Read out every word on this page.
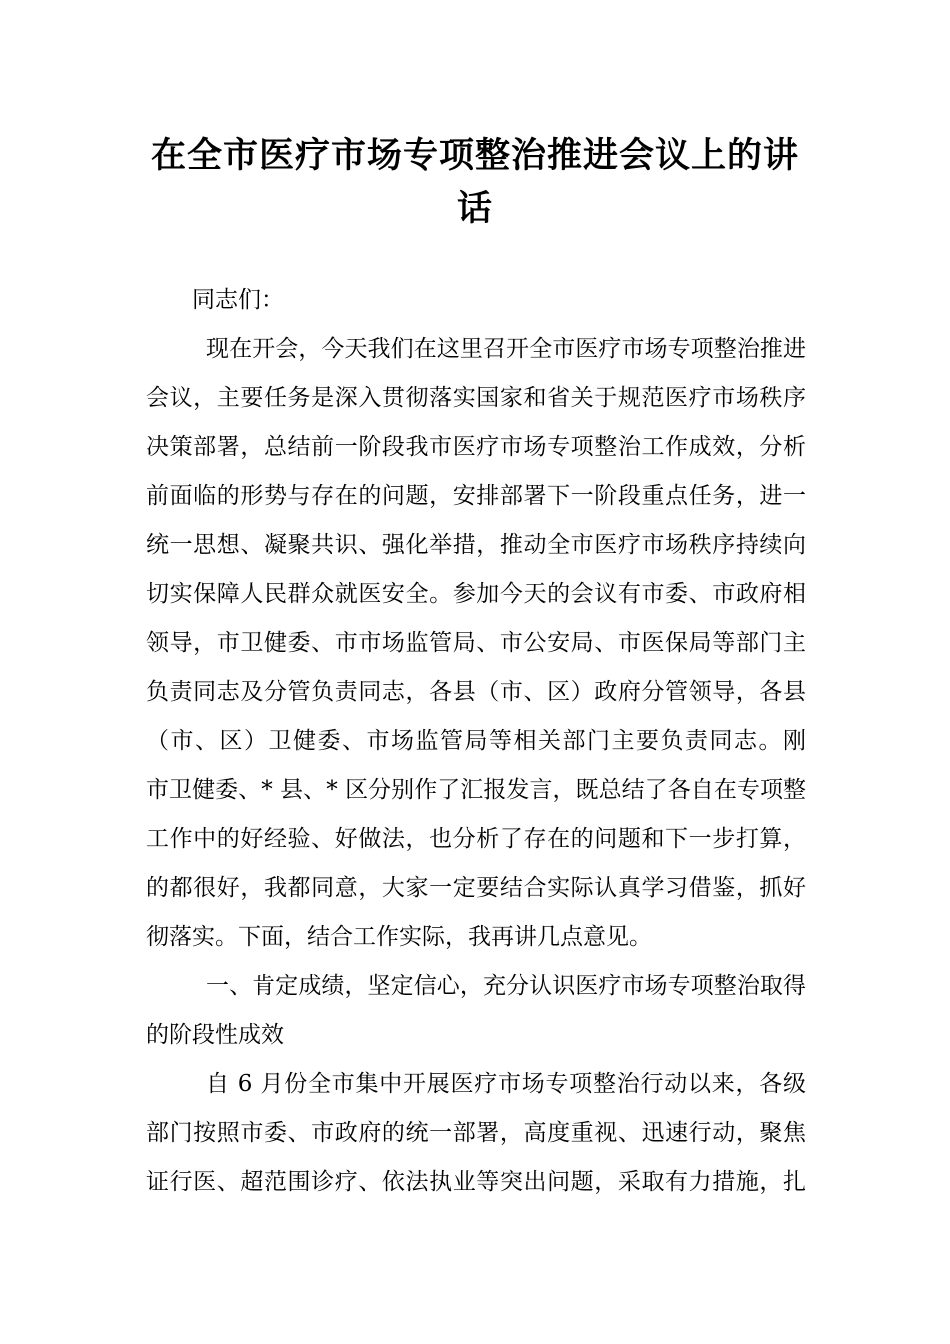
在全市医疗市场专项整治推进会议上的讲
话
同志们：
现在开会，今天我们在这里召开全市医疗市场专项整治推进
会议，主要任务是深入贯彻落实国家和省关于规范医疗市场秩序
决策部署，总结前一阶段我市医疗市场专项整治工作成效，分析
前面临的形势与存在的问题，安排部署下一阶段重点任务，进一
统一思想、凝聚共识、强化举措，推动全市医疗市场秩序持续向
切实保障人民群众就医安全。参加今天的会议有市委、市政府相
领导，市卫健委、市市场监管局、市公安局、市医保局等部门主
负责同志及分管负责同志，各县（市、区）政府分管领导，各县
（市、区）卫健委、市场监管局等相关部门主要负责同志。刚
市卫健委、* 县、* 区分别作了汇报发言，既总结了各自在专项整
工作中的好经验、好做法，也分析了存在的问题和下一步打算，
的都很好，我都同意，大家一定要结合实际认真学习借鉴，抓好
彻落实。下面，结合工作实际，我再讲几点意见。
一、肯定成绩，坚定信心，充分认识医疗市场专项整治取得
的阶段性成效
自 6 月份全市集中开展医疗市场专项整治行动以来，各级
部门按照市委、市政府的统一部署，高度重视、迅速行动，聚焦
证行医、超范围诊疗、依法执业等突出问题，采取有力措施，扎
